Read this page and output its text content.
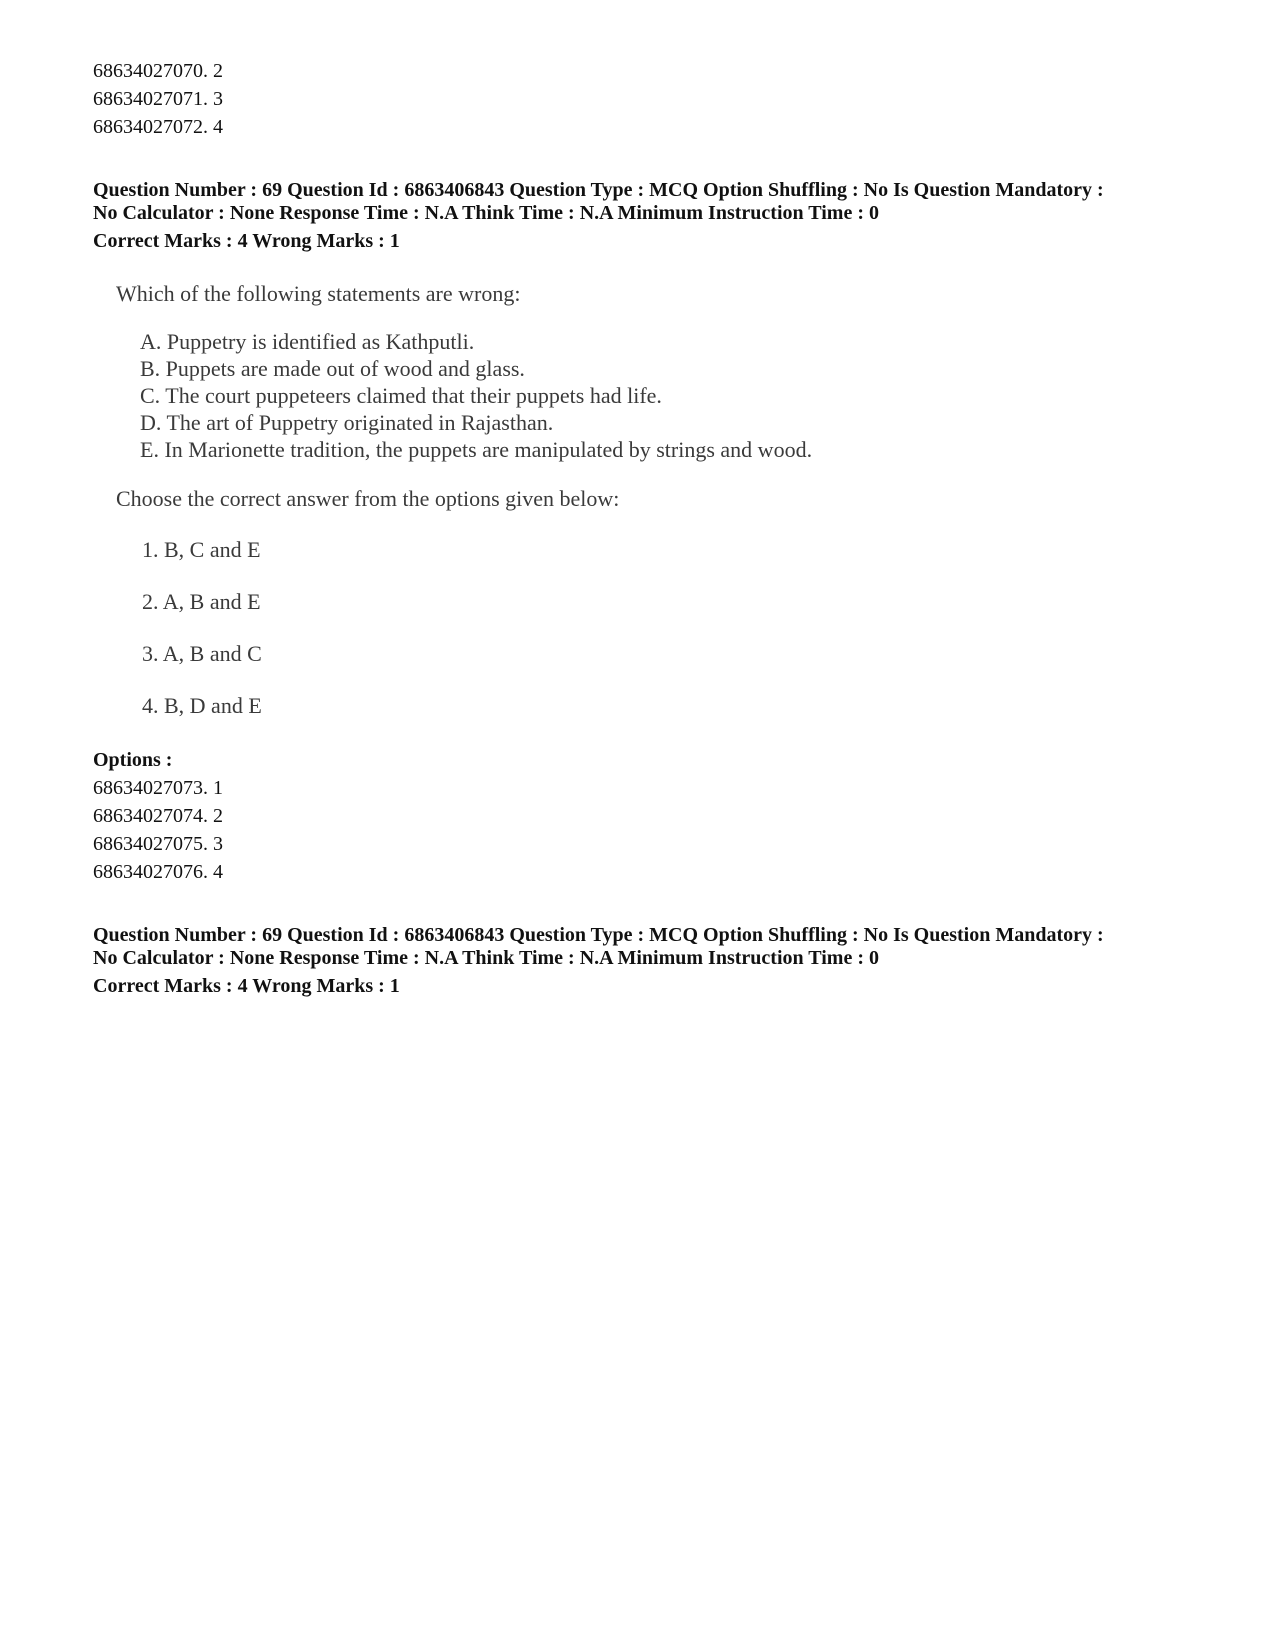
68634027070. 2
68634027071. 3
68634027072. 4
Question Number : 69 Question Id : 6863406843 Question Type : MCQ Option Shuffling : No Is Question Mandatory :
No Calculator : None Response Time : N.A Think Time : N.A Minimum Instruction Time : 0
Correct Marks : 4 Wrong Marks : 1
Which of the following statements are wrong:
A. Puppetry is identified as Kathputli.
B. Puppets are made out of wood and glass.
C. The court puppeteers claimed that their puppets had life.
D. The art of Puppetry originated in Rajasthan.
E. In Marionette tradition, the puppets are manipulated by strings and wood.
Choose the correct answer from the options given below:
1. B, C and E
2. A, B and E
3. A, B and C
4. B, D and E
Options :
68634027073. 1
68634027074. 2
68634027075. 3
68634027076. 4
Question Number : 69 Question Id : 6863406843 Question Type : MCQ Option Shuffling : No Is Question Mandatory :
No Calculator : None Response Time : N.A Think Time : N.A Minimum Instruction Time : 0
Correct Marks : 4 Wrong Marks : 1
